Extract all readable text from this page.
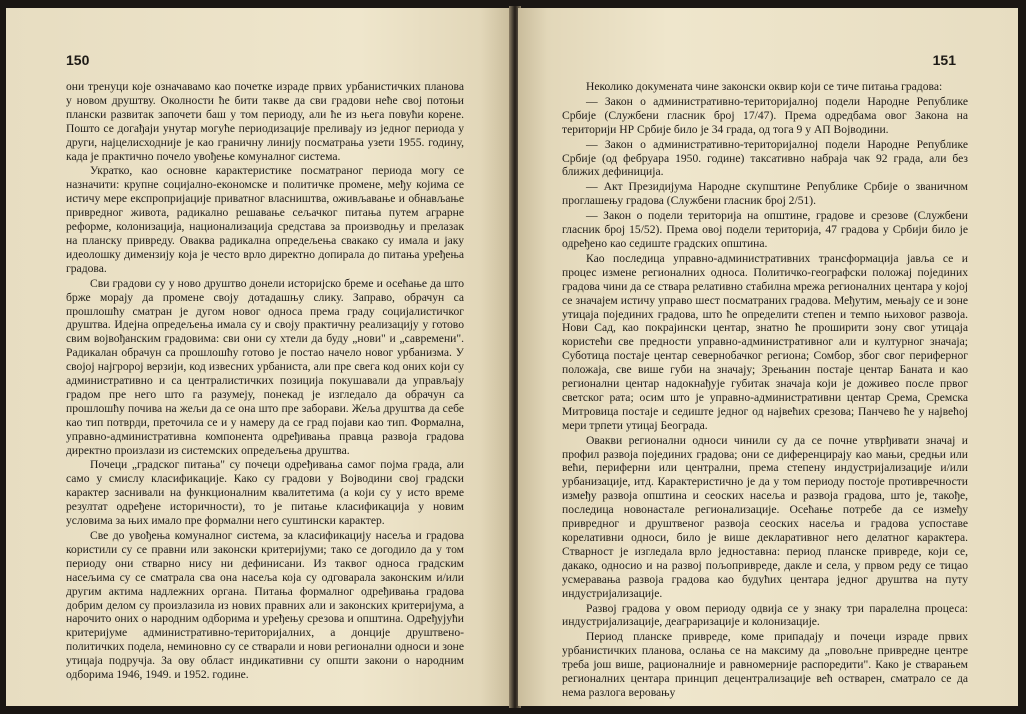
150

они тренуци које означавамо као почетке израде првих урбанистичких планова у новом друштву. Околности ће бити такве да сви градови неће свој потоњи плански развитак започети баш у том периоду, али ће из њега повући корене. Пошто се догађаји унутар могуће периодизације преливају из једног периода у други, најцелисходније је као граничну линију посматрања узети 1955. годину, када је практично почело увођење комуналног система.

Укратко, као основне карактеристике посматраног периода могу се назначити: крупне социјално-економске и политичке промене, међу којима се истичу мере експропријације приватног власништва, оживљавање и обнављање привредног живота, радикално решавање сељачког питања путем аграрне реформе, колонизација, национализација средстава за производњу и прелазак на планску привреду. Оваква радикална опредељења свакако су имала и јаку идеолошку димензију која је често врло директно допирала до питања уређења градова.

Сви градови су у ново друштво донели историјско бреме и осећање да што брже морају да промене своју дотадашњу слику. Заправо, обрачун са прошлошћу сматран је дугом новог односа према граду социјалистичког друштва. Идејна опредељења имала су и своју практичну реализацију у готово свим војвођанским градовима: сви они су хтели да буду „нови" и „савремени". Радикалан обрачун са прошлошћу готово је постао начело новог урбанизма. У својој најгророј верзији, код извесних урбаниста, али пре свега код оних који су административно и са централистичких позиција покушавали да управљају градом пре него што га разумеју, понекад је изгледало да обрачун са прошлошћу почива на жељи да се она што пре заборави. Жеља друштва да себе као тип потврди, преточила се и у намеру да се град појави као тип. Формална, управно-административна компонента одређивања правца развоја градова директно произлази из системских опредељења друштва.

Почеци „градског питања" су почеци одређивања самог појма града, али само у смислу класификације. Како су градови у Војводини свој градски карактер заснивали на функционалним квалитетима (а који су у исто време резултат одређене историчности), то је питање класификација у новим условима за њих имало пре формални него суштински карактер.

Све до увођења комуналног система, за класификацију насеља и градова користили су се правни или законски критеријуми; тако се догодило да у том периоду они стварно нису ни дефинисани. Из таквог односа градским насељима су се сматрала сва она насеља која су одговарала законским и/или другим актима надлежних органа. Питања формалног одређивања градова добрим делом су произлазила из нових правних али и законских критеријума, а нарочито оних о народним одборима и уређењу срезова и општина. Одређујући критеријуме административно-територијалних, а донције друштвено-политичких подела, неминовно су се стварали и нови регионални односи и зоне утицаја подручја. За ову област индикативни су општи закони о народним одборима 1946, 1949. и 1952. године.

151

Неколико докумената чине законски оквир који се тиче питања градова:

— Закон о административно-територијалној подели Народне Републике Србије (Службени гласник број 17/47). Према одредбама овог Закона на територији НР Србије било је 34 града, од тога 9 у АП Војводини.

— Закон о административно-територијалној подели Народне Републике Србије (од фебруара 1950. године) таксативно набраја чак 92 града, али без ближих дефиниција.

— Акт Президијума Народне скупштине Републике Србије о званичном проглашењу градова (Службени гласник број 2/51).

— Закон о подели територија на општине, градове и срезове (Службени гласник број 15/52). Према овој подели територија, 47 градова у Србији било је одређено као седиште градских општина.

Као последица управно-административних трансформација јавља се и процес измене регионалних односа. Политичко-географски положај појединих градова чини да се ствара релативно стабилна мрежа регионалних центара у којој се значајем истичу управо шест посматраних градова. Међутим, мењају се и зоне утицаја појединих градова, што ће определити степен и темпо њиховог развоја. Нови Сад, као покрајински центар, знатно ће проширити зону свог утицаја користећи све предности управно-административног али и културног значаја; Суботица постаје центар севернобачког региона; Сомбор, због свог периферног положаја, све више губи на значају; Зрењанин постаје центар Баната и као регионални центар надокнађује губитак значаја који је доживео после првог светског рата; осим што је управно-административни центар Срема, Сремска Митровица постаје и седиште једног од највећих срезова; Панчево ће у највећој мери трпети утицај Београда.

Овакви регионални односи чинили су да се почне утврђивати значај и профил развоја појединих градова; они се диференцирају као мањи, средњи или већи, периферни или централни, према степену индустријализације и/или урбанизације, итд. Карактеристично је да у том периоду постоје противречности између развоја општина и сеоских насеља и развоја градова, што је, такође, последица новонастале регионализације. Осећање потребе да се између привредног и друштвеног развоја сеоских насеља и градова успоставе корелативни односи, било је више декларативног него делатног карактера. Стварност је изгледала врло једноставна: период планске привреде, који се, дакако, односио и на развој пољопривреде, дакле и села, у првом реду се тицао усмеравања развоја градова као будућих центара једног друштва на путу индустријализације.

Развој градова у овом периоду одвија се у знаку три паралелна процеса: индустријализације, деаграризације и колонизације.

Период планске привреде, коме припадају и почеци израде првих урбанистичких планова, ослања се на максиму да „повољне привредне центре треба још више, рационалније и равномерније распоредити". Како је стварањем регионалних центара принцип децентрализације већ остварен, сматрало се да нема разлога веровању
